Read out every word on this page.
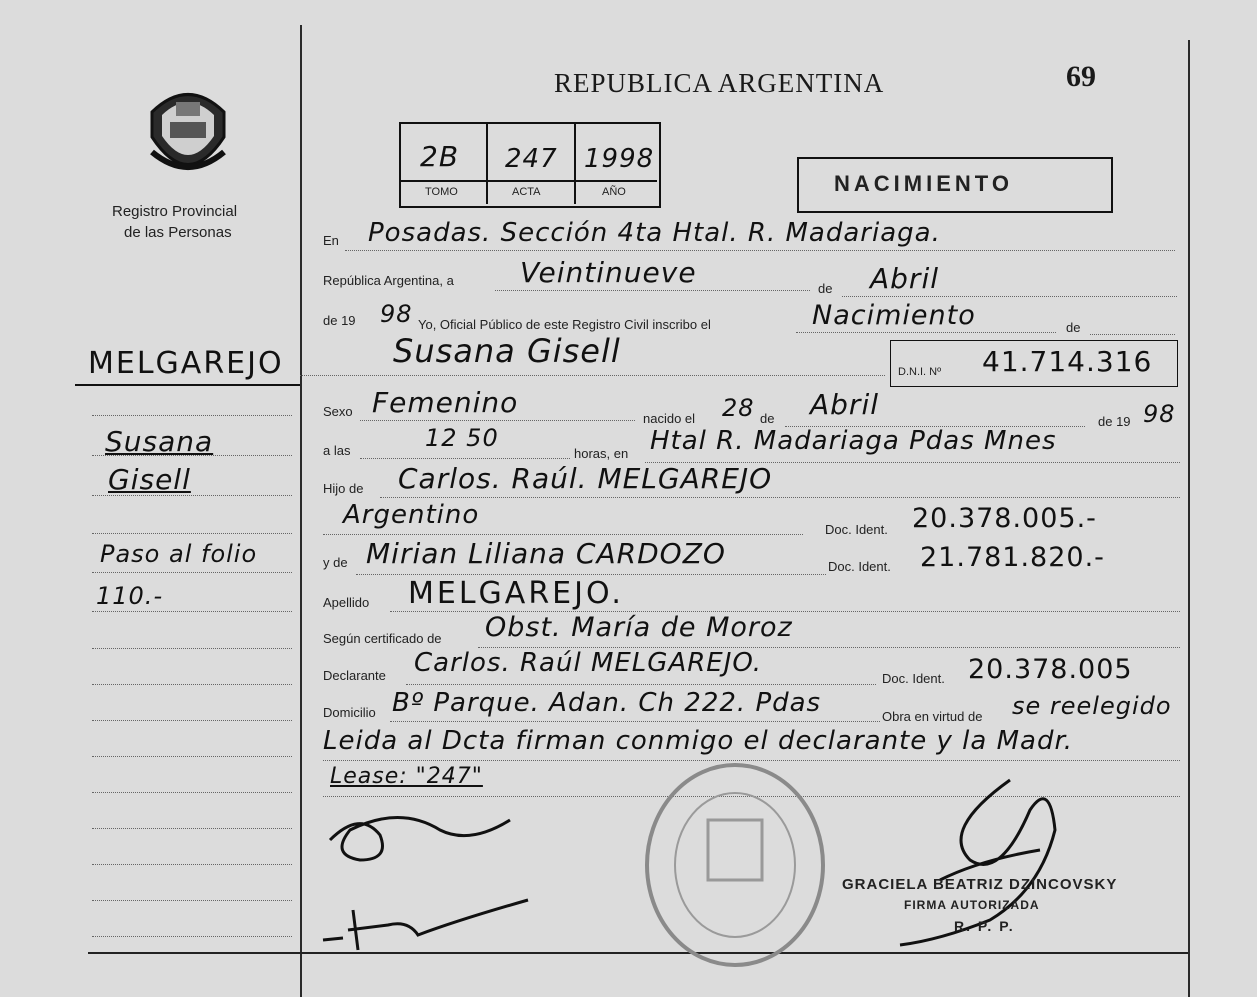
Registro Provincial
de las Personas
MELGAREJO
Susana
Gisell
Paso al folio
110.-
REPUBLICA ARGENTINA	69
2B 247 1998
TOMO	ACTA	AÑO	NACIMIENTO
En Posadas. Sección 4ta Htal. R. Madariaga.
República Argentina, a Veintinueve	de Abril
de 19 98 Yo, Oficial Público de este Registro Civil inscribo el	Nacimiento	de
Susana Gisell
D.N.I. Nº 41.714.316
Sexo Femenino	nacido el 28 de Abril
de 19 98
a las	12 50
horas, en Htal R. Madariaga Pdas Mnes
Hijo de Carlos. Raúl. MELGAREJO
Argentino	Doc. Ident. 20.378.005.-
y de Mirian Liliana CARDOZO	Doc. Ident. 21.781.820.-
Apellido MELGAREJO.
Según certificado de Obst. María de Moroz
Declarante Carlos. Raúl MELGAREJO.
Doc. Ident. 20.378.005
Domicilio Bº Parque. Adan. Ch 222. Pdas	Obra en virtud de se reelegido
Leida al Dcta firman conmigo el declarante y la Madr.
Lease: "247"
GRACIELA BEATRIZ DZINCOVSKY
FIRMA AUTORIZADA
R. P. P.
